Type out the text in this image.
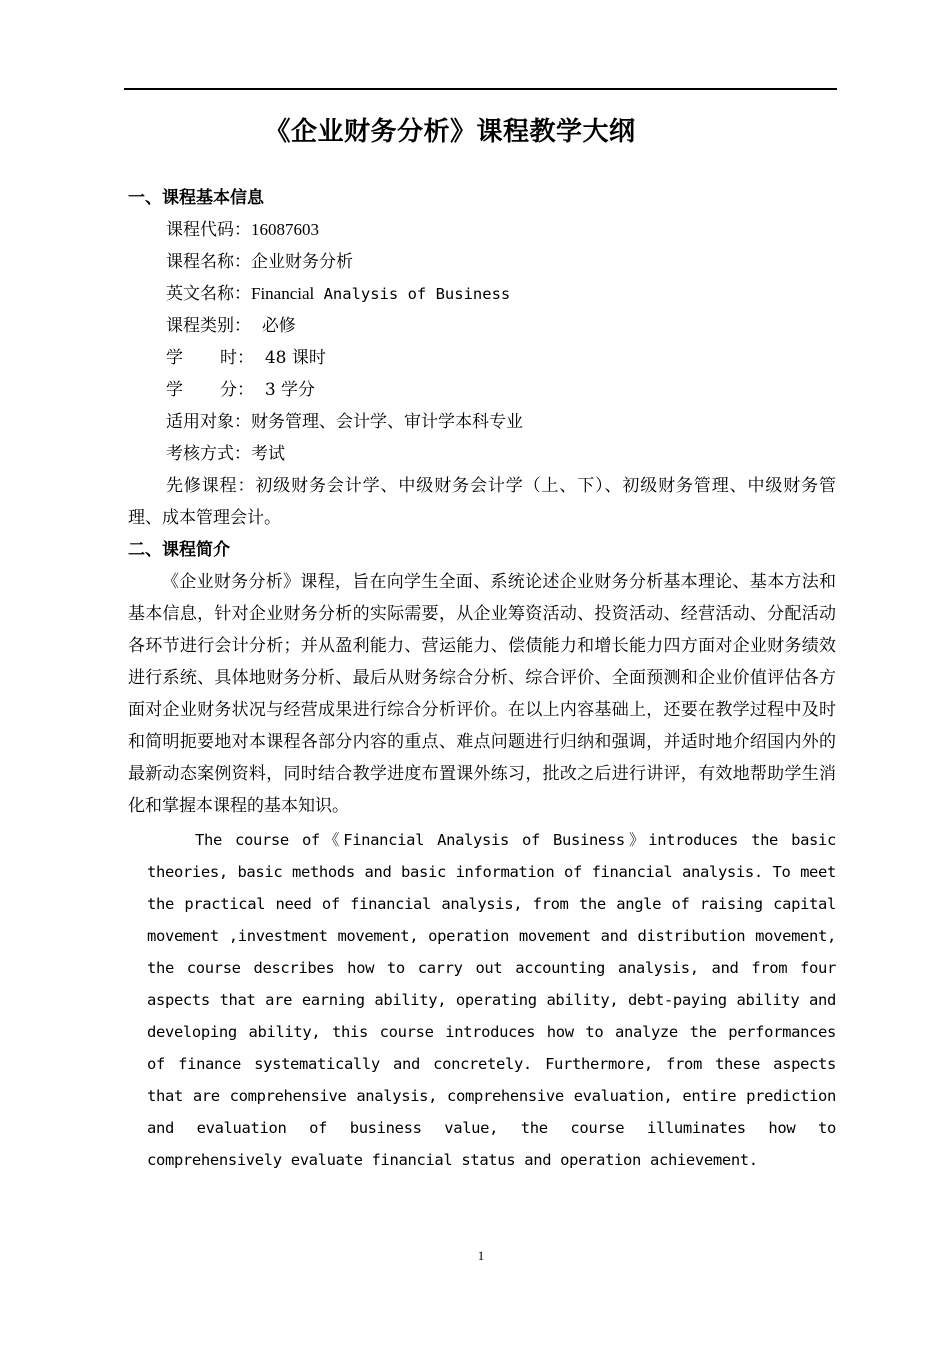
《企业财务分析》课程教学大纲
一、课程基本信息
课程代码：16087603
课程名称：企业财务分析
英文名称：Financial Analysis of Business
课程类别： 必修
学 时： 48 课时
学 分： 3 学分
适用对象：财务管理、会计学、审计学本科专业
考核方式：考试

先修课程：初级财务会计学、中级财务会计学（上、下）、初级财务管理、中级财务管理、成本管理会计。

二、课程简介

《企业财务分析》课程，旨在向学生全面、系统论述企业财务分析基本理论、基本方法和基本信息，针对企业财务分析的实际需要，从企业筹资活动、投资活动、经营活动、分配活动各环节进行会计分析；并从盈利能力、营运能力、偿债能力和增长能力四方面对企业财务绩效进行系统、具体地财务分析、最后从财务综合分析、综合评价、全面预测和企业价值评估各方面对企业财务状况与经营成果进行综合分析评价。在以上内容基础上，还要在教学过程中及时和简明扼要地对本课程各部分内容的重点、难点问题进行归纳和强调，并适时地介绍国内外的最新动态案例资料，同时结合教学进度布置课外练习，批改之后进行讲评，有效地帮助学生消化和掌握本课程的基本知识。

The course of《Financial Analysis of Business》introduces the basic theories, basic methods and basic information of financial analysis. To meet the practical need of financial analysis, from the angle of raising capital movement ,investment movement, operation movement and distribution movement, the course describes how to carry out accounting analysis, and from four aspects that are earning ability, operating ability, debt-paying ability and developing ability, this course introduces how to analyze the performances of finance systematically and concretely. Furthermore, from these aspects that are comprehensive analysis, comprehensive evaluation, entire prediction and evaluation of business value, the course illuminates how to comprehensively evaluate financial status and operation achievement.

1
